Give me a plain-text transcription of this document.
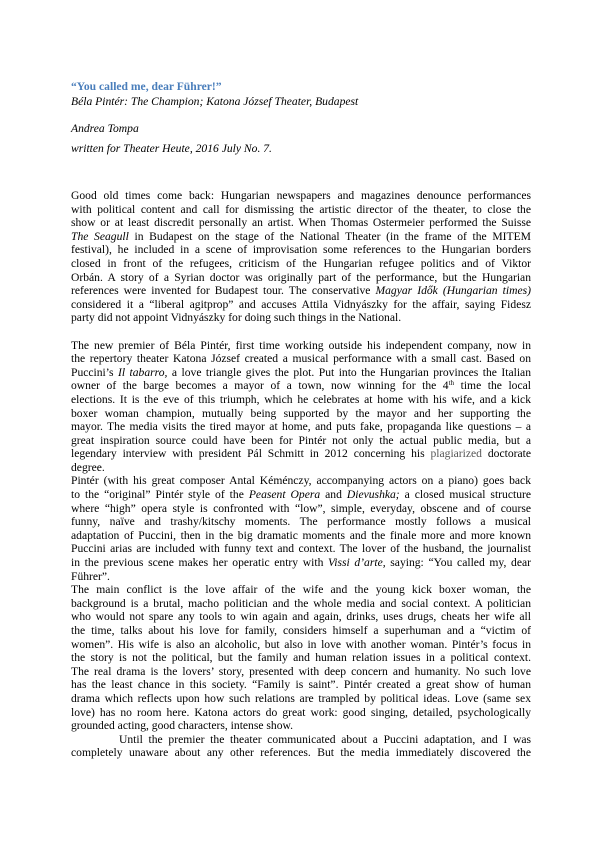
“You called me, dear Führer!”
Béla Pintér: The Champion; Katona József Theater, Budapest
Andrea Tompa
written for Theater Heute, 2016 July No. 7.
Good old times come back: Hungarian newspapers and magazines denounce performances
with political content and call for dismissing the artistic director of the theater, to close the
show or at least discredit personally an artist. When Thomas Ostermeier performed the Suisse
The Seagull in Budapest on the stage of the National Theater (in the frame of the MITEM
festival), he included in a scene of improvisation some references to the Hungarian borders
closed in front of the refugees, criticism of the Hungarian refugee politics and of Viktor
Orbán. A story of a Syrian doctor was originally part of the performance, but the Hungarian
references were invented for Budapest tour. The conservative Magyar Idők (Hungarian times)
considered it a “liberal agitprop” and accuses Attila Vidnyászky for the affair, saying Fidesz
party did not appoint Vidnyászky for doing such things in the National.
The new premier of Béla Pintér, first time working outside his independent company, now in
the repertory theater Katona József created a musical performance with a small cast. Based on
Puccini’s Il tabarro, a love triangle gives the plot. Put into the Hungarian provinces the Italian
owner of the barge becomes a mayor of a town, now winning for the 4th time the local
elections. It is the eve of this triumph, which he celebrates at home with his wife, and a kick
boxer woman champion, mutually being supported by the mayor and her supporting the
mayor. The media visits the tired mayor at home, and puts fake, propaganda like questions – a
great inspiration source could have been for Pintér not only the actual public media, but a
legendary interview with president Pál Schmitt in 2012 concerning his plagiarized doctorate
degree.
Pintér (with his great composer Antal Kéménczy, accompanying actors on a piano) goes back
to the “original” Pintér style of the Peasent Opera and Dievushka; a closed musical structure
where “high” opera style is confronted with “low”, simple, everyday, obscene and of course
funny, naïve and trashy/kitschy moments. The performance mostly follows a musical
adaptation of Puccini, then in the big dramatic moments and the finale more and more known
Puccini arias are included with funny text and context. The lover of the husband, the journalist
in the previous scene makes her operatic entry with Vissi d’arte, saying: “You called my, dear
Führer”.
The main conflict is the love affair of the wife and the young kick boxer woman, the
background is a brutal, macho politician and the whole media and social context. A politician
who would not spare any tools to win again and again, drinks, uses drugs, cheats her wife all
the time, talks about his love for family, considers himself a superhuman and a “victim of
women”. His wife is also an alcoholic, but also in love with another woman. Pintér’s focus in
the story is not the political, but the family and human relation issues in a political context.
The real drama is the lovers’ story, presented with deep concern and humanity. No such love
has the least chance in this society. “Family is saint”. Pintér created a great show of human
drama which reflects upon how such relations are trampled by political ideas. Love (same sex
love) has no room here. Katona actors do great work: good singing, detailed, psychologically
grounded acting, good characters, intense show.
Until the premier the theater communicated about a Puccini adaptation, and I was
completely unaware about any other references. But the media immediately discovered the
